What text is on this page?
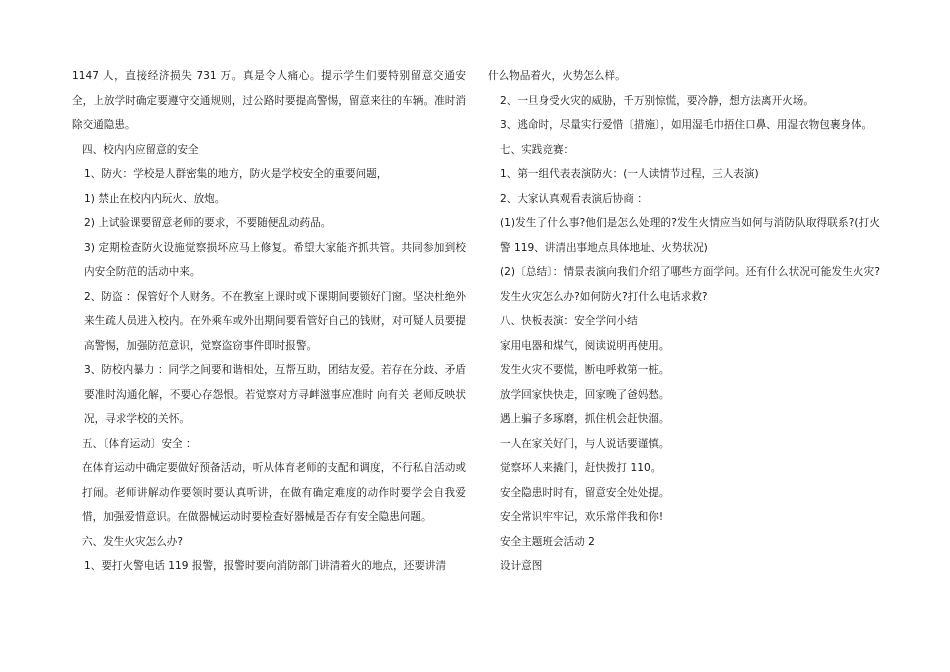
1147 人，直接经济损失 731 万。真是令人痛心。提示学生们要特别留意交通安全，上放学时确定要遵守交通规则，过公路时要提高警惕，留意来往的车辆。准时消除交通隐患。

四、校内内应留意的安全

1、防火：学校是人群密集的地方，防火是学校安全的重要问题，

1) 禁止在校内内玩火、放炮。

2) 上试验课要留意老师的要求，不要随便乱动药品。

3) 定期检查防火设施觉察损坏应马上修复。希望大家能齐抓共管。共同参加到校内安全防范的活动中来。

2、防盗 ：保管好个人财务。不在教室上课时或下课期间要锁好门窗。坚决杜绝外来生疏人员进入校内。在外乘车或外出期间要看管好自己的钱财，对可疑人员要提高警惕，加强防范意识，觉察盗窃事件即时报警。

3、防校内暴力 ：同学之间要和谐相处，互帮互助，团结友爱。若存在分歧、矛盾要准时沟通化解，不要心存怨恨。若觉察对方寻衅滋事应准时 向有关 老师反映状况，寻求学校的关怀。

五、〔体育运动〕安全 ：

在体育运动中确定要做好预备活动，听从体育老师的支配和调度，不行私自活动或打闹。老师讲解动作要领时要认真听讲，在做有确定难度的动作时要学会自我爱惜，加强爱惜意识。在做器械运动时要检查好器械是否存有安全隐患问题。

六、发生火灾怎么办?

1、要打火警电话 119 报警，报警时要向消防部门讲清着火的地点，还要讲清

什么物品着火，火势怎么样。

2、一旦身受火灾的威胁，千万别惊慌，要冷静，想方法离开火场。

3、逃命时，尽量实行爱惜〔措施〕，如用湿毛巾捂住口鼻、用湿衣物包裹身体。

七、实践竞赛：

1、第一组代表表演防火：(一人读情节过程，三人表演)

2、大家认真观看表演后协商 ：

(1)发生了什么事?他们是怎么处理的?发生火情应当如何与消防队取得联系?(打火警 119、讲清出事地点具体地址、火势状况)

(2)〔总结〕：情景表演向我们介绍了哪些方面学问。还有什么状况可能发生火灾?发生火灾怎么办?如何防火?打什么电话求救?

八、快板表演：安全学问小结

家用电器和煤气，阅读说明再使用。

发生火灾不要慌，断电呼救第一桩。

放学回家快快走，回家晚了爸妈愁。

遇上骗子多琢磨，抓住机会赶快溜。

一人在家关好门，与人说话要谨慎。

觉察坏人来撬门，赶快拨打 110。

安全隐患时时有，留意安全处处提。

安全常识牢牢记，欢乐常伴我和你!

安全主题班会活动 2

设计意图
